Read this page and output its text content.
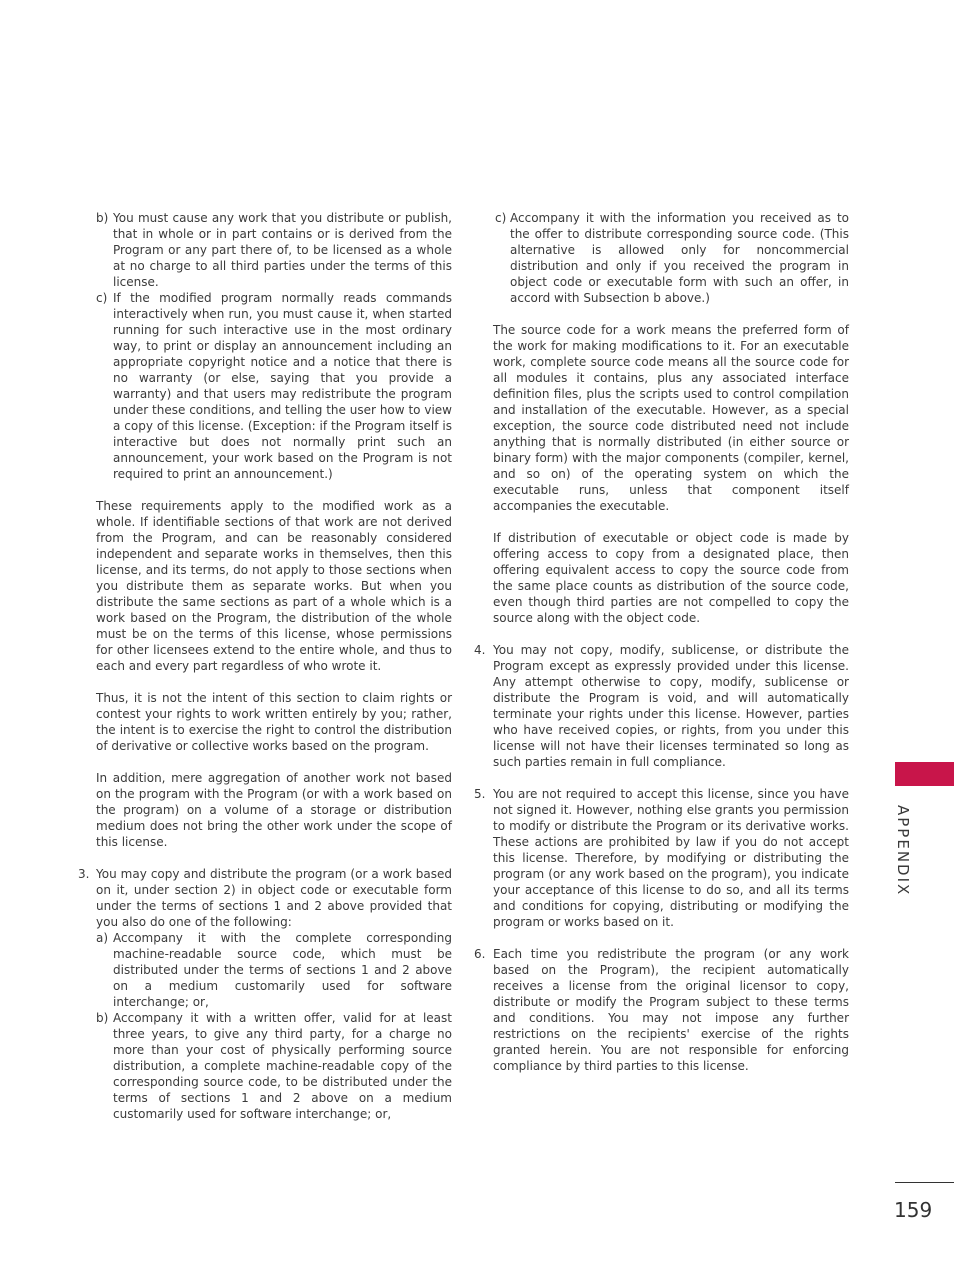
b) You must cause any work that you distribute or publish, that in whole or in part contains or is derived from the Program or any part there of, to be licensed as a whole at no charge to all third parties under the terms of this license.

c) If the modified program normally reads commands interactively when run, you must cause it, when started running for such interactive use in the most ordinary way, to print or display an announcement including an appropriate copyright notice and a notice that there is no warranty (or else, saying that you provide a warranty) and that users may redistribute the program under these conditions, and telling the user how to view a copy of this license. (Exception: if the Program itself is interactive but does not normally print such an announcement, your work based on the Program is not required to print an announcement.)

These requirements apply to the modified work as a whole. If identifiable sections of that work are not derived from the Program, and can be reasonably considered independent and separate works in themselves, then this license, and its terms, do not apply to those sections when you distribute them as separate works. But when you distribute the same sections as part of a whole which is a work based on the Program, the distribution of the whole must be on the terms of this license, whose permissions for other licensees extend to the entire whole, and thus to each and every part regardless of who wrote it.

Thus, it is not the intent of this section to claim rights or contest your rights to work written entirely by you; rather, the intent is to exercise the right to control the distribution of derivative or collective works based on the program.

In addition, mere aggregation of another work not based on the program with the Program (or with a work based on the program) on a volume of a storage or distribution medium does not bring the other work under the scope of this license.

3. You may copy and distribute the program (or a work based on it, under section 2) in object code or executable form under the terms of sections 1 and 2 above provided that you also do one of the following:

a) Accompany it with the complete corresponding machine-readable source code, which must be distributed under the terms of sections 1 and 2 above on a medium customarily used for software interchange; or,

b) Accompany it with a written offer, valid for at least three years, to give any third party, for a charge no more than your cost of physically performing source distribution, a complete machine-readable copy of the corresponding source code, to be distributed under the terms of sections 1 and 2 above on a medium customarily used for software interchange; or,

c) Accompany it with the information you received as to the offer to distribute corresponding source code. (This alternative is allowed only for noncommercial distribution and only if you received the program in object code or executable form with such an offer, in accord with Subsection b above.)

The source code for a work means the preferred form of the work for making modifications to it. For an executable work, complete source code means all the source code for all modules it contains, plus any associated interface definition files, plus the scripts used to control compilation and installation of the executable. However, as a special exception, the source code distributed need not include anything that is normally distributed (in either source or binary form) with the major components (compiler, kernel, and so on) of the operating system on which the executable runs, unless that component itself accompanies the executable.

If distribution of executable or object code is made by offering access to copy from a designated place, then offering equivalent access to copy the source code from the same place counts as distribution of the source code, even though third parties are not compelled to copy the source along with the object code.

4. You may not copy, modify, sublicense, or distribute the Program except as expressly provided under this license. Any attempt otherwise to copy, modify, sublicense or distribute the Program is void, and will automatically terminate your rights under this license. However, parties who have received copies, or rights, from you under this license will not have their licenses terminated so long as such parties remain in full compliance.

5. You are not required to accept this license, since you have not signed it. However, nothing else grants you permission to modify or distribute the Program or its derivative works. These actions are prohibited by law if you do not accept this license. Therefore, by modifying or distributing the program (or any work based on the program), you indicate your acceptance of this license to do so, and all its terms and conditions for copying, distributing or modifying the program or works based on it.

6. Each time you redistribute the program (or any work based on the Program), the recipient automatically receives a license from the original licensor to copy, distribute or modify the Program subject to these terms and conditions. You may not impose any further restrictions on the recipients' exercise of the rights granted herein. You are not responsible for enforcing compliance by third parties to this license.

APPENDIX
159
